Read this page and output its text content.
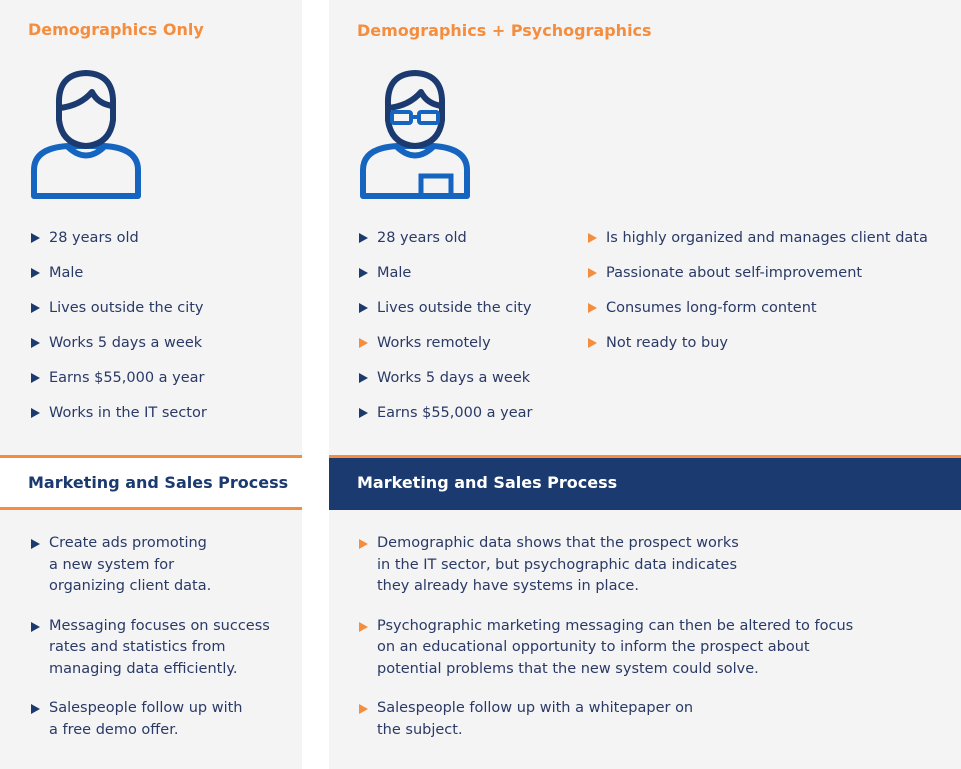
Demographics Only
28 years old
Male
Lives outside the city
Works 5 days a week
Earns $55,000 a year
Works in the IT sector
Demographics + Psychographics
28 years old
Male
Lives outside the city
Works remotely
Works 5 days a week
Earns $55,000 a year
Is highly organized and manages client data
Passionate about self-improvement
Consumes long-form content
Not ready to buy
Marketing and Sales Process	Marketing and Sales Process
Create ads promoting
a new system for
organizing client data.
Messaging focuses on success
rates and statistics from
managing data efficiently.
Salespeople follow up with
a free demo offer.
Demographic data shows that the prospect works
in the IT sector, but psychographic data indicates
they already have systems in place.
Psychographic marketing messaging can then be altered to focus
on an educational opportunity to inform the prospect about
potential problems that the new system could solve.
Salespeople follow up with a whitepaper on
the subject.
